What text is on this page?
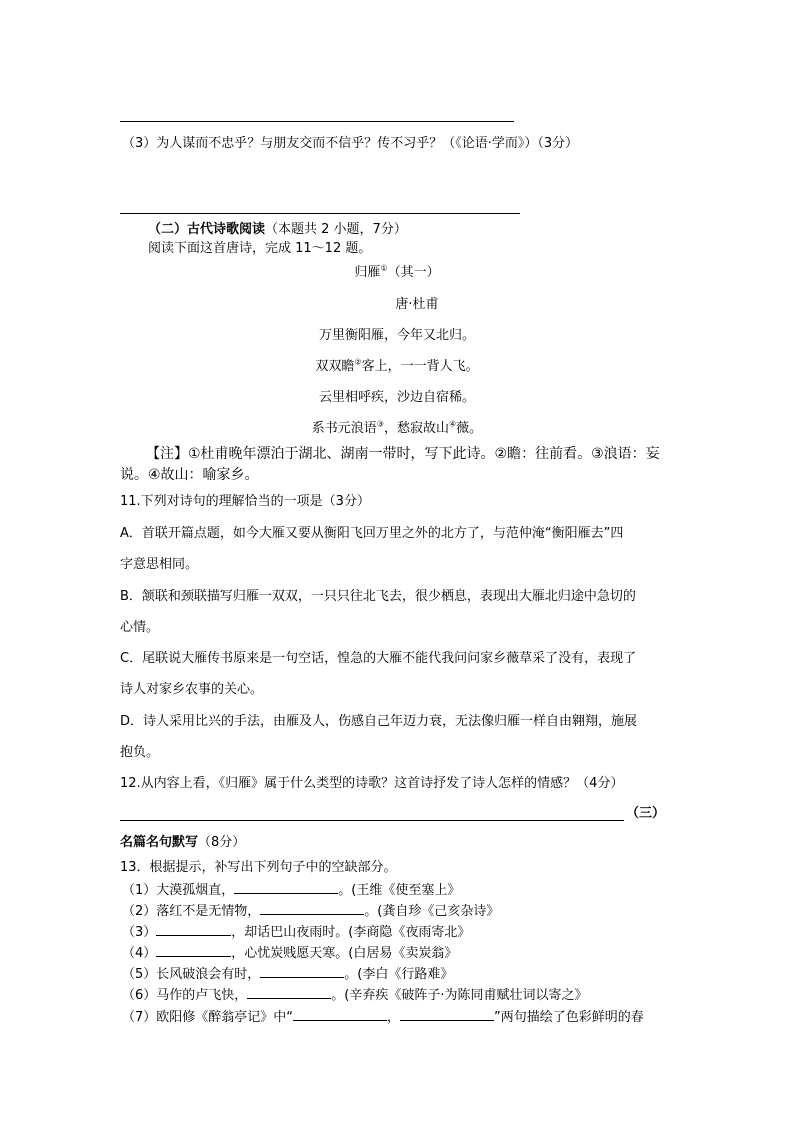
（3）为人谋而不忠乎？与朋友交而不信乎？传不习乎？（《论语·学而》）（3分）
（二）古代诗歌阅读（本题共 2 小题，7分）
阅读下面这首唐诗，完成 11～12 题。
归雁①（其一）
唐·杜甫
万里衡阳雁，今年又北归。
双双瞻②客上，一一背人飞。
云里相呼疾，沙边自宿稀。
系书元浪语③，愁寂故山④薇。
【注】①杜甫晚年漂泊于湖北、湖南一带时，写下此诗。②瞻：往前看。③浪语：妄
说。④故山：喻家乡。
11.下列对诗句的理解恰当的一项是（3分）
A．首联开篇点题，如今大雁又要从衡阳飞回万里之外的北方了，与范仲淹“衡阳雁去”四
字意思相同。
B．颔联和颈联描写归雁一双双，一只只往北飞去，很少栖息，表现出大雁北归途中急切的
心情。
C．尾联说大雁传书原来是一句空话，惶急的大雁不能代我问问家乡薇草采了没有，表现了
诗人对家乡农事的关心。
D．诗人采用比兴的手法，由雁及人，伤感自己年迈力衰，无法像归雁一样自由翱翔，施展
抱负。
12.从内容上看，《归雁》属于什么类型的诗歌？这首诗抒发了诗人怎样的情感？（4分）
（三）
名篇名句默写（8分）
13．根据提示，补写出下列句子中的空缺部分。
（1）大漠孤烟直，	。(王维《使至塞上》
（2）落红不是无情物，	。(龚自珍《己亥杂诗》
（3）	，却话巴山夜雨时。(李商隐《夜雨寄北》
（4）	，心忧炭贱愿天寒。(白居易《卖炭翁》
（5）长风破浪会有时，	。(李白《行路难》
（6）马作的卢飞快，	。(辛弃疾《破阵子·为陈同甫赋壮词以寄之》
（7）欧阳修《醉翁亭记》中“	，	”两句描绘了色彩鲜明的春
